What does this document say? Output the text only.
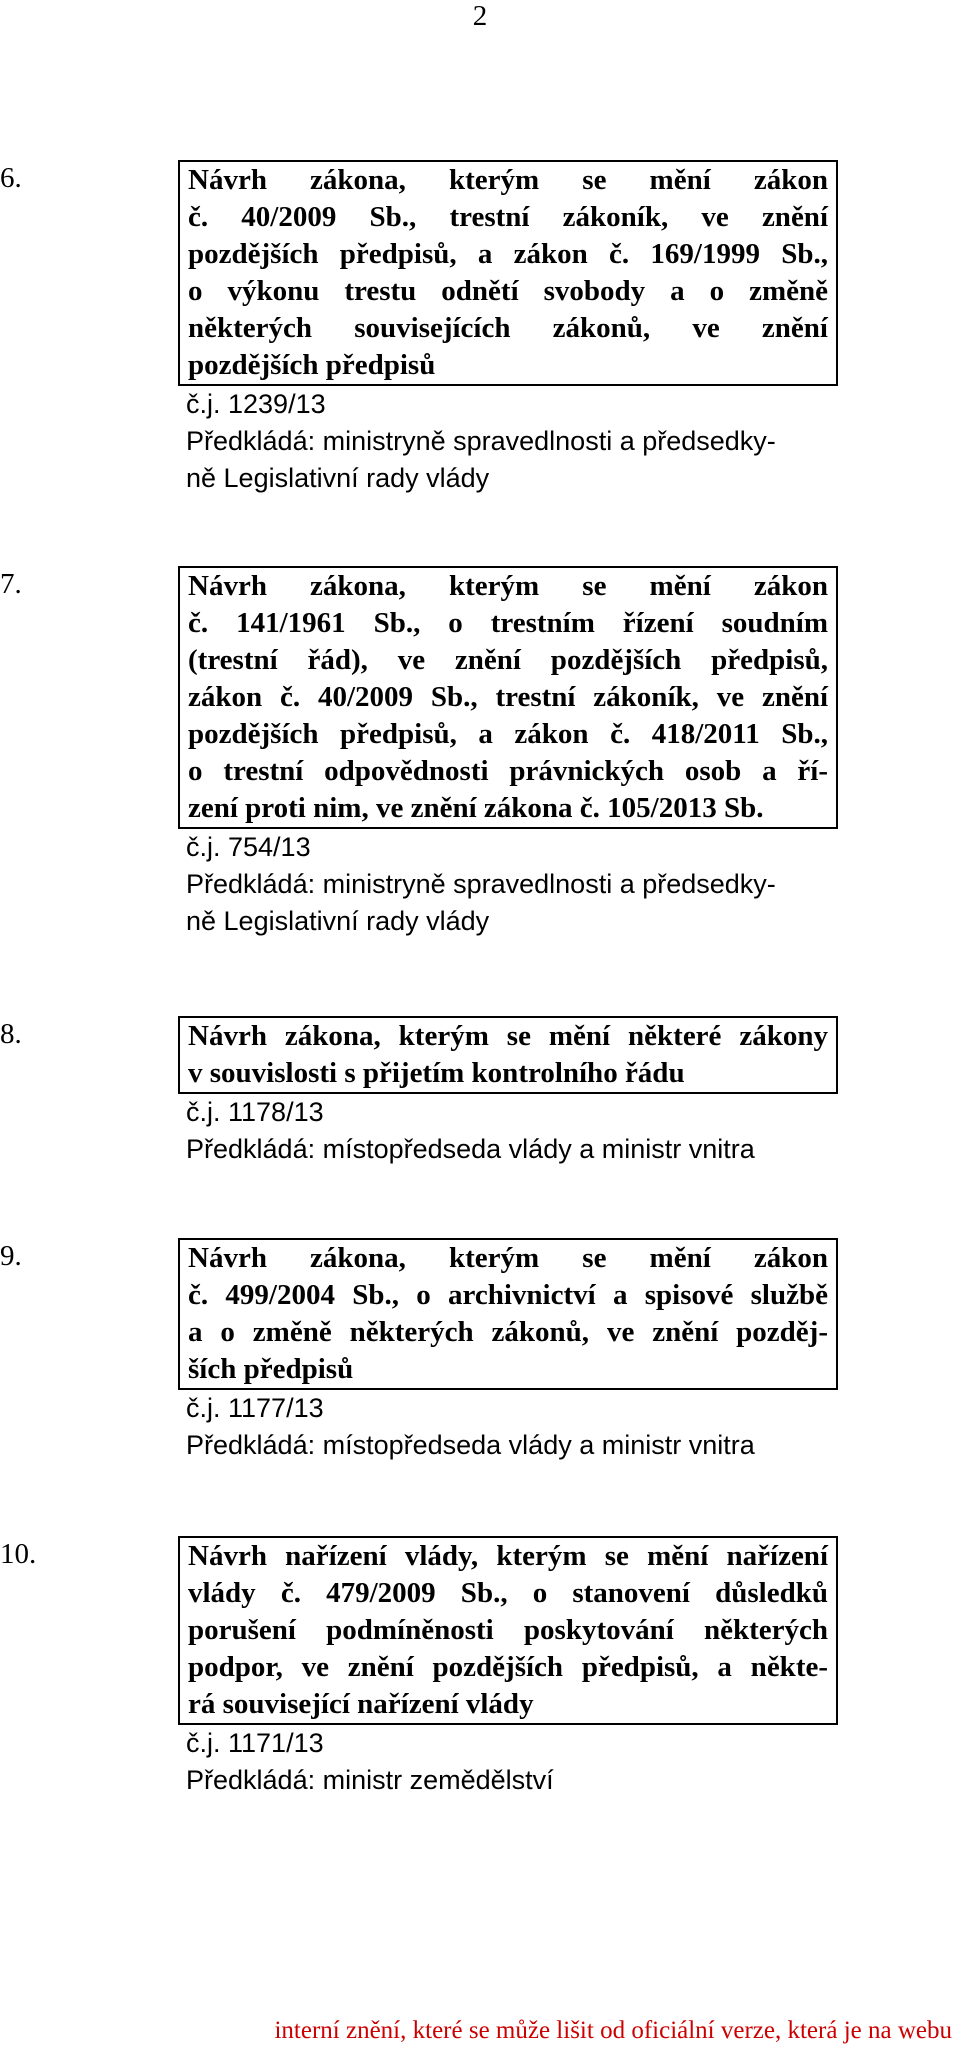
2
6.	Návrh zákona, kterým se mění zákon
č. 40/2009 Sb., trestní zákoník, ve znění
pozdějších předpisů, a zákon č. 169/1999 Sb.,
o výkonu trestu odnětí svobody a o změně
některých souvisejících zákonů, ve znění
pozdějších předpisů
č.j. 1239/13
Předkládá: ministryně spravedlnosti a předsedky-
ně Legislativní rady vlády
7.	Návrh zákona, kterým se mění zákon
č. 141/1961 Sb., o trestním řízení soudním
(trestní řád), ve znění pozdějších předpisů,
zákon č. 40/2009 Sb., trestní zákoník, ve znění
pozdějších předpisů, a zákon č. 418/2011 Sb.,
o trestní odpovědnosti právnických osob a ří-
zení proti nim, ve znění zákona č. 105/2013 Sb.
č.j. 754/13
Předkládá: ministryně spravedlnosti a předsedky-
ně Legislativní rady vlády
8.	Návrh zákona, kterým se mění některé zákony
v souvislosti s přijetím kontrolního řádu
č.j. 1178/13
Předkládá: místopředseda vlády a ministr vnitra
9.	Návrh zákona, kterým se mění zákon
č. 499/2004 Sb., o archivnictví a spisové službě
a o změně některých zákonů, ve znění pozděj-
ších předpisů
č.j. 1177/13
Předkládá: místopředseda vlády a ministr vnitra
10.	Návrh nařízení vlády, kterým se mění nařízení
vlády č. 479/2009 Sb., o stanovení důsledků
porušení podmíněnosti poskytování některých
podpor, ve znění pozdějších předpisů, a někte-
rá související nařízení vlády
č.j. 1171/13
Předkládá: ministr zemědělství
interní znění, které se může lišit od oficiální verze, která je na webu
